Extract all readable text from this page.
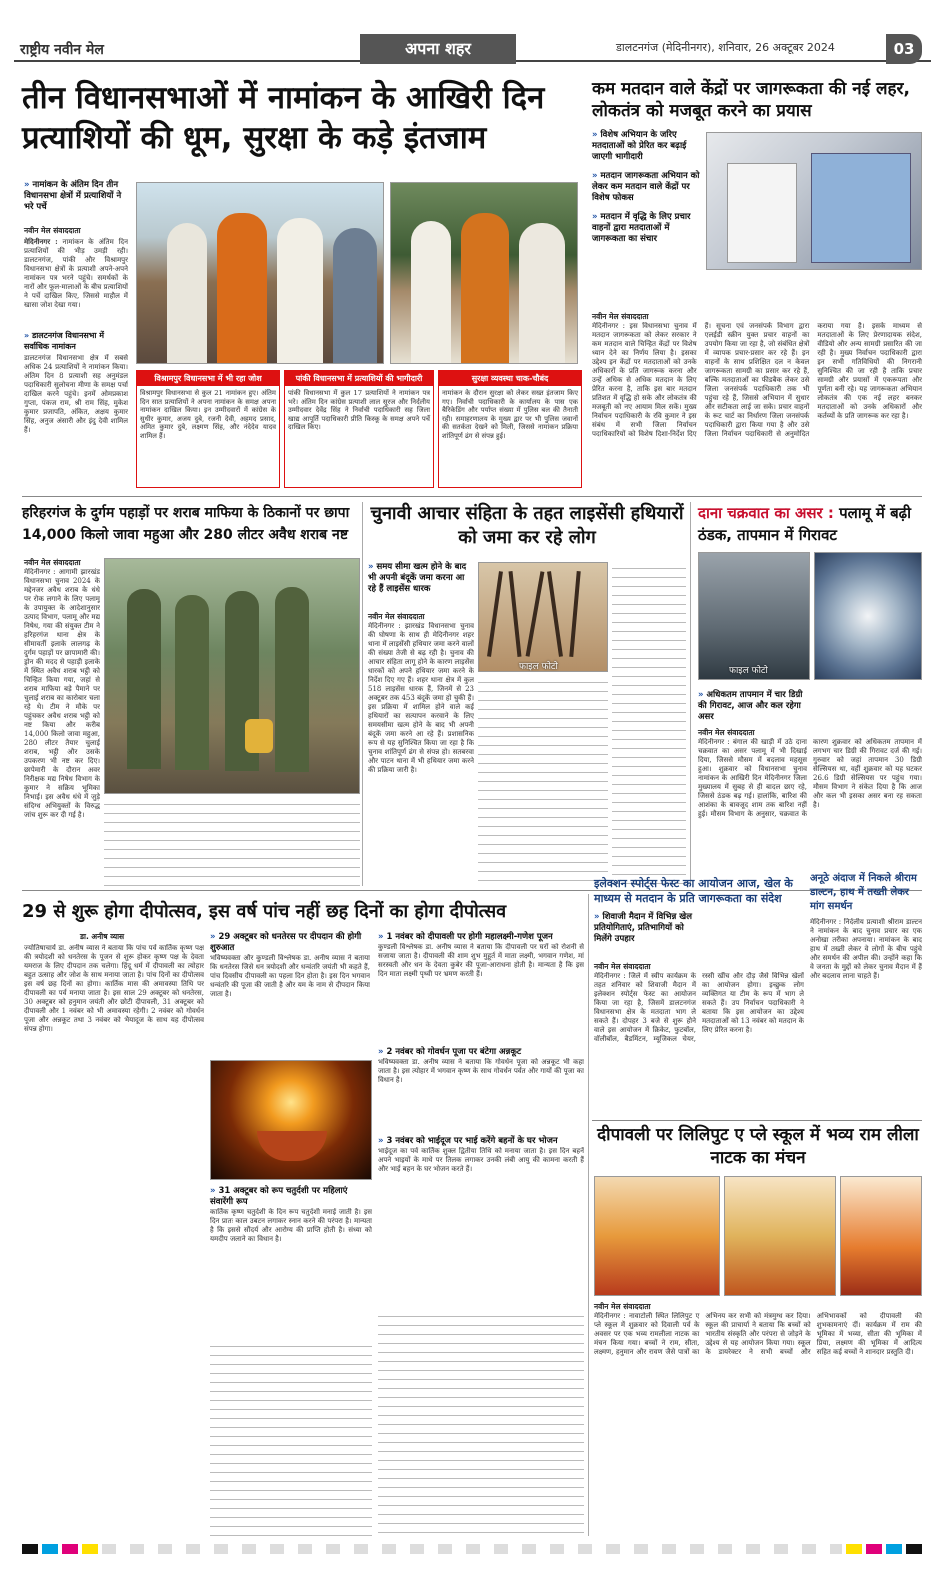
राष्ट्रीय नवीन मेल	अपना शहर	डालटनगंज (मेदिनीनगर), शनिवार, 26 अक्टूबर 2024	03
तीन विधानसभाओं में नामांकन के आखिरी दिन प्रत्याशियों की धूम, सुरक्षा के कड़े इंतजाम
» नामांकन के अंतिम दिन तीन विधानसभा क्षेत्रों में प्रत्याशियों ने भरे पर्चे
नवीन मेल संवाददाता
मेदिनीनगर : नामांकन के अंतिम दिन प्रत्याशियों की भीड़ उमड़ी रही। डालटनगंज, पांकी और विश्रामपुर विधानसभा क्षेत्रों के प्रत्याशी अपने-अपने नामांकन पत्र भरने पहुंचे। समर्थकों के नारों और फूल-मालाओं के बीच प्रत्याशियों ने पर्चे दाखिल किए, जिससे माहौल में खासा जोश देखा गया।
» डालटनगंज विधानसभा में सर्वाधिक नामांकन
डालटनगंज विधानसभा क्षेत्र में सबसे अधिक 24 प्रत्याशियों ने नामांकन किया। अंतिम दिन 8 प्रत्याशी सह अनुमंडल पदाधिकारी सुलोचना मीणा के समक्ष पर्चा दाखिल करने पहुंचे। इनमें ओमप्रकाश गुप्ता, पंकज राम, श्री राम सिंह, मुकेश कुमार प्रजापति, अंकित, अक्षय कुमार सिंह, अनुज अंसारी और इंदु देवी शामिल हैं।
विश्रामपुर विधानसभा में भी रहा जोश
विश्रामपुर विधानसभा से कुल 21 नामांकन हुए। अंतिम दिन सात प्रत्याशियों ने अपना नामांकन के समक्ष अपना नामांकन दाखिल किया। इन उम्मीदवारों में कांग्रेस के सुधीर कुमार, अजय दुबे, रजनी देवी, अहमद प्रसाद, अमित कुमार दुबे, लक्ष्मण सिंह, और नंदेदेव यादव शामिल हैं।
पांकी विधानसभा में प्रत्याशियों की भागीदारी
पांकी विधानसभा में कुल 17 प्रत्याशियों ने नामांकन पत्र भरे। अंतिम दिन कांग्रेस प्रत्याशी लाल सूरज और निर्दलीय उम्मीदवार देवेंद्र सिंह ने निर्वाची पदाधिकारी सह जिला खाद्य आपूर्ति पदाधिकारी प्रीति किस्कू के समक्ष अपने पर्चे दाखिल किए।
सुरक्षा व्यवस्था चाक-चौबंद
नामांकन के दौरान सुरक्षा को लेकर सख्त इंतजाम किए गए। निर्वाची पदाधिकारी के कार्यालय के पास एक बैरिकेडिंग और पर्याप्त संख्या में पुलिस बल की तैनाती रही। समाहरणालय के मुख्य द्वार पर भी पुलिस जवानों की सतर्कता देखने को मिली, जिससे नामांकन प्रक्रिया शांतिपूर्ण ढंग से संपन्न हुई।
कम मतदान वाले केंद्रों पर जागरूकता की नई लहर, लोकतंत्र को मजबूत करने का प्रयास
» विशेष अभियान के जरिए मतदाताओं को प्रेरित कर बढ़ाई जाएगी भागीदारी
» मतदान जागरूकता अभियान को लेकर कम मतदान वाले केंद्रों पर विशेष फोकस
» मतदान में वृद्धि के लिए प्रचार वाहनों द्वारा मतदाताओं में जागरूकता का संचार
नवीन मेल संवाददाता
मेदिनीनगर : इस विधानसभा चुनाव में मतदान जागरूकता को लेकर सरकार ने कम मतदान वाले चिन्हित केंद्रों पर विशेष ध्यान देने का निर्णय लिया है। इसका उद्देश्य इन केंद्रों पर मतदाताओं को उनके अधिकारों के प्रति जागरूक करना और उन्हें अधिक से अधिक मतदान के लिए प्रेरित करना है, ताकि इस बार मतदान प्रतिशत में वृद्धि हो सके और लोकतंत्र की मजबूती को नए आयाम मिल सकें। मुख्य निर्वाचन पदाधिकारी के रवि कुमार ने इस संबंध में सभी जिला निर्वाचन पदाधिकारियों को विशेष दिशा-निर्देश दिए हैं। सूचना एवं जनसंपर्क विभाग द्वारा एलईडी स्क्रीन युक्त प्रचार वाहनों का उपयोग किया जा रहा है, जो संबंधित क्षेत्रों में व्यापक प्रचार-प्रसार कर रहे हैं। इन वाहनों के साथ प्रशिक्षित दल न केवल जागरूकता सामग्री का प्रसार कर रहे हैं, बल्कि मतदाताओं का फीडबैक लेकर उसे जिला जनसंपर्क पदाधिकारी तक भी पहुंचा रहे हैं, जिससे अभियान में सुधार और सटीकता लाई जा सके। प्रचार वाहनों के रूट चार्ट का निर्धारण जिला जनसंपर्क पदाधिकारी द्वारा किया गया है और उसे जिला निर्वाचन पदाधिकारी से अनुमोदित कराया गया है। इसके माध्यम से मतदाताओं के लिए प्रेरणादायक संदेश, वीडियो और अन्य सामग्री प्रसारित की जा रही है। मुख्य निर्वाचन पदाधिकारी द्वारा इन सभी गतिविधियों की निगरानी सुनिश्चित की जा रही है ताकि प्रचार सामग्री और प्रयासों में एकरूपता और पूर्णता बनी रहे। यह जागरूकता अभियान लोकतंत्र की एक नई लहर बनकर मतदाताओं को उनके अधिकारों और कर्तव्यों के प्रति जागरूक कर रहा है।
हरिहरगंज के दुर्गम पहाड़ों पर शराब माफिया के ठिकानों पर छापा 14,000 किलो जावा महुआ और 280 लीटर अवैध शराब नष्ट
नवीन मेल संवाददाता
मेदिनीनगर : आगामी झारखंड विधानसभा चुनाव 2024 के मद्देनजर अवैध शराब के धंधे पर रोक लगाने के लिए पलामू के उपायुक्त के आदेशानुसार उत्पाद विभाग, पलामू और मद्य निषेध, गया की संयुक्त टीम ने हरिहरगंज थाना क्षेत्र के सीमावर्ती इलाके लालगढ़ के दुर्गम पहाड़ों पर छापामारी की। ड्रोन की मदद से पहाड़ी इलाके में स्थित अवैध शराब भट्ठी को चिन्हित किया गया, जहां से शराब माफिया बड़े पैमाने पर चुलाई शराब का कारोबार चला रहे थे। टीम ने मौके पर पहुंचकर अवैध शराब भट्ठी को नष्ट किया और करीब 14,000 किलो जावा महुआ, 280 लीटर तैयार चुलाई शराब, भट्ठी और उसके उपकरण भी नष्ट कर दिए। छापेमारी के दौरान अवर निरीक्षक मद्य निषेध विभाग के कुमार ने सक्रिय भूमिका निभाई। इस अवैध धंधे में जुड़े संदिग्ध अभियुक्तों के विरुद्ध जांच शुरू कर दी गई है।
चुनावी आचार संहिता के तहत लाइसेंसी हथियारों को जमा कर रहे लोग
» समय सीमा खत्म होने के बाद भी अपनी बंदूकें जमा करना आ रहे हैं लाइसेंस धारक
नवीन मेल संवाददाता
मेदिनीनगर : झारखंड विधानसभा चुनाव की घोषणा के साथ ही मेदिनीनगर शहर थाना में लाइसेंसी हथियार जमा करने वालों की संख्या तेजी से बढ़ रही है। चुनाव की आचार संहिता लागू होने के कारण लाइसेंस धारकों को अपने हथियार जमा करने के निर्देश दिए गए हैं। शहर थाना क्षेत्र में कुल 518 लाइसेंस धारक हैं, जिनमें से 23 अक्टूबर तक 453 बंदूकें जमा हो चुकी हैं। इस प्रक्रिया में शामिल होने वाले कई हथियारों का सत्यापन करवाने के लिए समयसीमा खत्म होने के बाद भी अपनी बंदूकें जमा करने आ रहे हैं। प्रशासनिक रूप से यह सुनिश्चित किया जा रहा है कि चुनाव शांतिपूर्ण ढंग से संपन्न हो। सतबरवा और पाटन थाना में भी हथियार जमा करने की प्रक्रिया जारी है।
फाइल फोटो
दाना चक्रवात का असर : पलामू में बढ़ी ठंडक, तापमान में गिरावट
फाइल फोटो
» अधिकतम तापमान में चार डिग्री की गिरावट, आज और कल रहेगा असर
नवीन मेल संवाददाता
मेदिनीनगर : बंगाल की खाड़ी में उठे दाना चक्रवात का असर पलामू में भी दिखाई दिया, जिससे मौसम में बदलाव महसूस हुआ। शुक्रवार को विधानसभा चुनाव नामांकन के आखिरी दिन मेदिनीनगर जिला मुख्यालय में सुबह से ही बादल छाए रहे, जिससे ठंडक बढ़ गई। हालांकि, बारिश की आशंका के बावजूद शाम तक बारिश नहीं हुई। मौसम विभाग के अनुसार, चक्रवात के कारण शुक्रवार को अधिकतम तापमान में लगभग चार डिग्री की गिरावट दर्ज की गई। गुरुवार को जहां तापमान 30 डिग्री सेल्सियस था, वहीं शुक्रवार को यह घटकर 26.6 डिग्री सेल्सियस पर पहुंच गया। मौसम विभाग ने संकेत दिया है कि आज और कल भी इसका असर बना रह सकता है।
29 से शुरू होगा दीपोत्सव, इस वर्ष पांच नहीं छह दिनों का होगा दीपोत्सव
डा. अनीष व्यास
ज्योतिषाचार्य डा. अनीष व्यास ने बताया कि पांच पर्व कार्तिक कृष्ण पक्ष की त्रयोदशी को धनतेरस के पूजन से शुरू होकर कृष्ण पक्ष के देवता यमराज के लिए दीपदान तक चलेगा। हिंदू धर्म में दीपावली का त्योहार बहुत उत्साह और जोश के साथ मनाया जाता है। पांच दिनों का दीपोत्सव इस वर्ष छह दिनों का होगा। कार्तिक मास की अमावस्या तिथि पर दीपावली का पर्व मनाया जाता है। इस साल 29 अक्टूबर को धनतेरस, 30 अक्टूबर को हनुमान जयंती और छोटी दीपावली, 31 अक्टूबर को दीपावली और 1 नवंबर को भी अमावस्या रहेगी। 2 नवंबर को गोवर्धन पूजा और अन्नकूट तथा 3 नवंबर को भैयादूज के साथ यह दीपोत्सव संपन्न होगा।
» 29 अक्टूबर को धनतेरस पर दीपदान की होगी शुरुआत
भविष्यवक्ता और कुण्डली विश्लेषक डा. अनीष व्यास ने बताया कि धनतेरस जिसे धन त्रयोदशी और धन्वंतरि जयंती भी कहते हैं, पांच दिवसीय दीपावली का पहला दिन होता है। इस दिन भगवान धन्वंतरि की पूजा की जाती है और यम के नाम से दीपदान किया जाता है।
» 31 अक्टूबर को रूप चतुर्दशी पर महिलाएं संवारेंगी रूप
कार्तिक कृष्ण चतुर्दशी के दिन रूप चतुर्दशी मनाई जाती है। इस दिन प्रातः काल उबटन लगाकर स्नान करने की परंपरा है। मान्यता है कि इससे सौंदर्य और आरोग्य की प्राप्ति होती है। संध्या को यमदीप जलाने का विधान है।
» 1 नवंबर को दीपावली पर होगी महालक्ष्मी-गणेश पूजन
कुण्डली विश्लेषक डा. अनीष व्यास ने बताया कि दीपावली पर घरों को रोशनी से सजाया जाता है। दीपावली की शाम शुभ मुहूर्त में माता लक्ष्मी, भगवान गणेश, मां सरस्वती और धन के देवता कुबेर की पूजा-आराधना होती है। मान्यता है कि इस दिन माता लक्ष्मी पृथ्वी पर भ्रमण करती हैं।
» 2 नवंबर को गोवर्धन पूजा पर बंटेगा अन्नकूट
भविष्यवक्ता डा. अनीष व्यास ने बताया कि गोवर्धन पूजा को अन्नकूट भी कहा जाता है। इस त्योहार में भगवान कृष्ण के साथ गोवर्धन पर्वत और गायों की पूजा का विधान है।
» 3 नवंबर को भाईदूज पर भाई करेंगे बहनों के घर भोजन
भाईदूज का पर्व कार्तिक शुक्ल द्वितीया तिथि को मनाया जाता है। इस दिन बहनें अपने भाइयों के माथे पर तिलक लगाकर उनकी लंबी आयु की कामना करती हैं और भाई बहन के घर भोजन करते हैं।
इलेक्शन स्पोर्ट्स फेस्ट का आयोजन आज, खेल के माध्यम से मतदान के प्रति जागरूकता का संदेश
» शिवाजी मैदान में विभिन्न खेल प्रतियोगिताएं, प्रतिभागियों को मिलेंगे उपहार
नवीन मेल संवाददाता
मेदिनीनगर : जिले में स्वीप कार्यक्रम के तहत शनिवार को शिवाजी मैदान में इलेक्शन स्पोर्ट्स फेस्ट का आयोजन किया जा रहा है, जिसमें डालटनगंज विधानसभा क्षेत्र के मतदाता भाग ले सकते हैं। दोपहर 3 बजे से शुरू होने वाले इस आयोजन में क्रिकेट, फुटबॉल, वॉलीबॉल, बैडमिंटन, म्यूजिकल चेयर, रस्सी खींच और दौड़ जैसे विभिन्न खेलों का आयोजन होगा। इच्छुक लोग व्यक्तिगत या टीम के रूप में भाग ले सकते हैं। उप निर्वाचन पदाधिकारी ने बताया कि इस आयोजन का उद्देश्य मतदाताओं को 13 नवंबर को मतदान के लिए प्रेरित करना है।
अनूठे अंदाज में निकले श्रीराम डाल्टन, हाथ में तख्ती लेकर मांग समर्थन
मेदिनीनगर : निर्दलीय प्रत्याशी श्रीराम डाल्टन ने नामांकन के बाद चुनाव प्रचार का एक अनोखा तरीका अपनाया। नामांकन के बाद हाथ में तख्ती लेकर वे लोगों के बीच पहुंचे और समर्थन की अपील की। उन्होंने कहा कि वे जनता के मुद्दों को लेकर चुनाव मैदान में हैं और बदलाव लाना चाहते हैं।
दीपावली पर लिलिपुट ए प्ले स्कूल में भव्य राम लीला नाटक का मंचन
नवीन मेल संवाददाता
मेदिनीनगर : नावाटोली स्थित लिलिपुट ए प्ले स्कूल में शुक्रवार को दिवाली पर्व के अवसर पर एक भव्य रामलीला नाटक का मंचन किया गया। बच्चों ने राम, सीता, लक्ष्मण, हनुमान और रावण जैसे पात्रों का अभिनय कर सभी को मंत्रमुग्ध कर दिया। स्कूल की प्राचार्या ने बताया कि बच्चों को भारतीय संस्कृति और परंपरा से जोड़ने के उद्देश्य से यह आयोजन किया गया। स्कूल के डायरेक्टर ने सभी बच्चों और अभिभावकों को दीपावली की शुभकामनाएं दीं। कार्यक्रम में राम की भूमिका में भव्या, सीता की भूमिका में प्रिया, लक्ष्मण की भूमिका में आदित्य सहित कई बच्चों ने शानदार प्रस्तुति दी।
